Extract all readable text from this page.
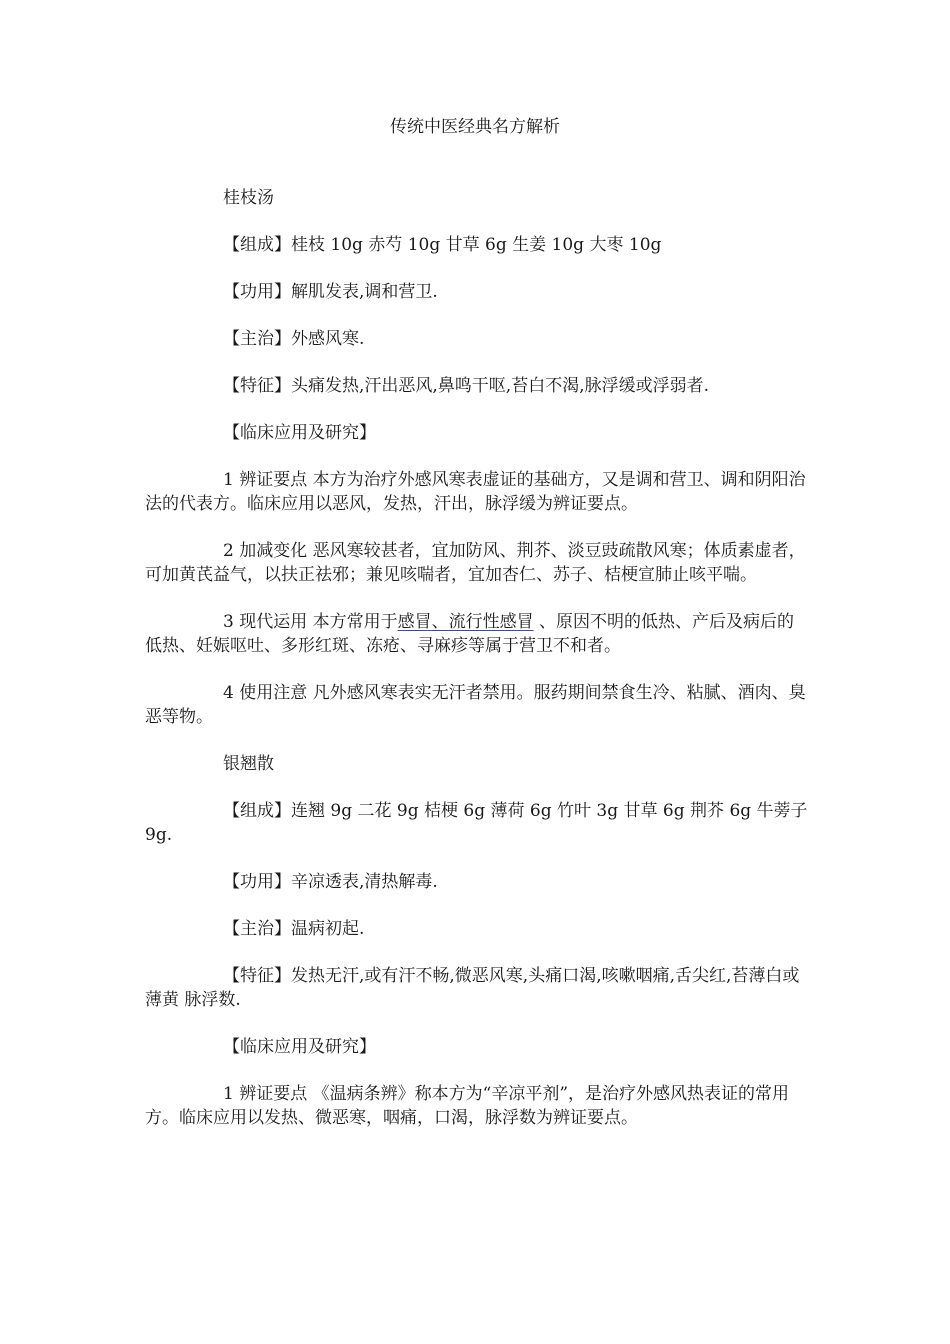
传统中医经典名方解析

桂枝汤

【组成】桂枝 10g 赤芍 10g 甘草 6g 生姜 10g 大枣 10g

【功用】解肌发表,调和营卫.

【主治】外感风寒.

【特征】头痛发热,汗出恶风,鼻鸣干呕,苔白不渴,脉浮缓或浮弱者.

【临床应用及研究】

1 辨证要点 本方为治疗外感风寒表虚证的基础方，又是调和营卫、调和阴阳治法的代表方。临床应用以恶风，发热，汗出，脉浮缓为辨证要点。

2 加减变化 恶风寒较甚者，宜加防风、荆芥、淡豆豉疏散风寒；体质素虚者，可加黄芪益气，以扶正祛邪；兼见咳喘者，宜加杏仁、苏子、桔梗宣肺止咳平喘。

3 现代运用 本方常用于感冒、流行性感冒 、原因不明的低热、产后及病后的低热、妊娠呕吐、多形红斑、冻疮、寻麻疹等属于营卫不和者。

4 使用注意 凡外感风寒表实无汗者禁用。服药期间禁食生冷、粘腻、酒肉、臭恶等物。

银翘散

【组成】连翘 9g 二花 9g 桔梗 6g 薄荷 6g 竹叶 3g 甘草 6g 荆芥 6g 牛蒡子 9g.

【功用】辛凉透表,清热解毒.

【主治】温病初起.

【特征】发热无汗,或有汗不畅,微恶风寒,头痛口渴,咳嗽咽痛,舌尖红,苔薄白或薄黄 脉浮数.

【临床应用及研究】

1 辨证要点 《温病条辨》称本方为“辛凉平剂”，是治疗外感风热表证的常用方。临床应用以发热、微恶寒，咽痛，口渴，脉浮数为辨证要点。
